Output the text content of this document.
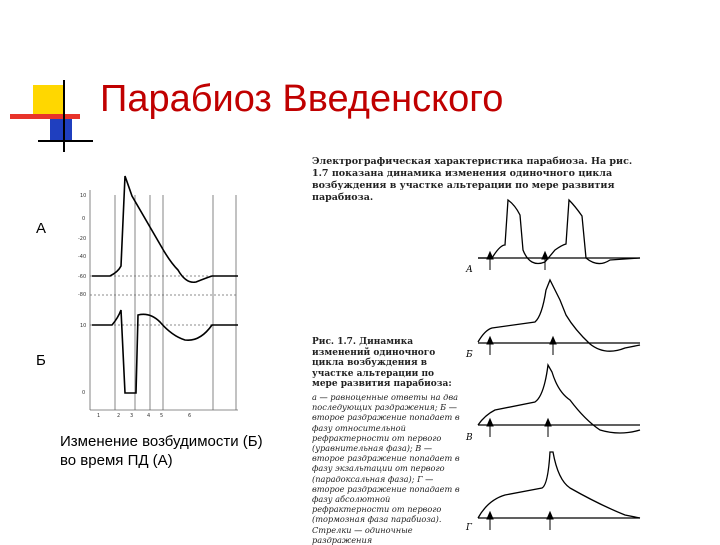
Парабиоз Введенского
10
0
-20
-40
-60
-80
10
0
1	2 3	4 5	6
А
Б
В
Г
А
Б
Изменение возбудимости (Б)
во время ПД (А)
Электрографическая характеристика парабиоза. На рис. 1.7 показана динамика изменения одиночного цикла возбуждения в участке альтерации по мере развития парабиоза.
Рис. 1.7. Динамика изменений одиночного цикла возбуждения в участке альтерации по мере развития парабиоза:
а — равноценные ответы на два последующих раздражения; Б — второе раздражение попадает в фазу относительной рефрактерности от первого (уравнительная фаза); В — второе раздражение попадает в фазу экзальтации от первого (парадоксальная фаза); Г — второе раздражение попадает в фазу абсолютной рефрактерности от первого (тормозная фаза парабиоза). Стрелки — одиночные раздражения
